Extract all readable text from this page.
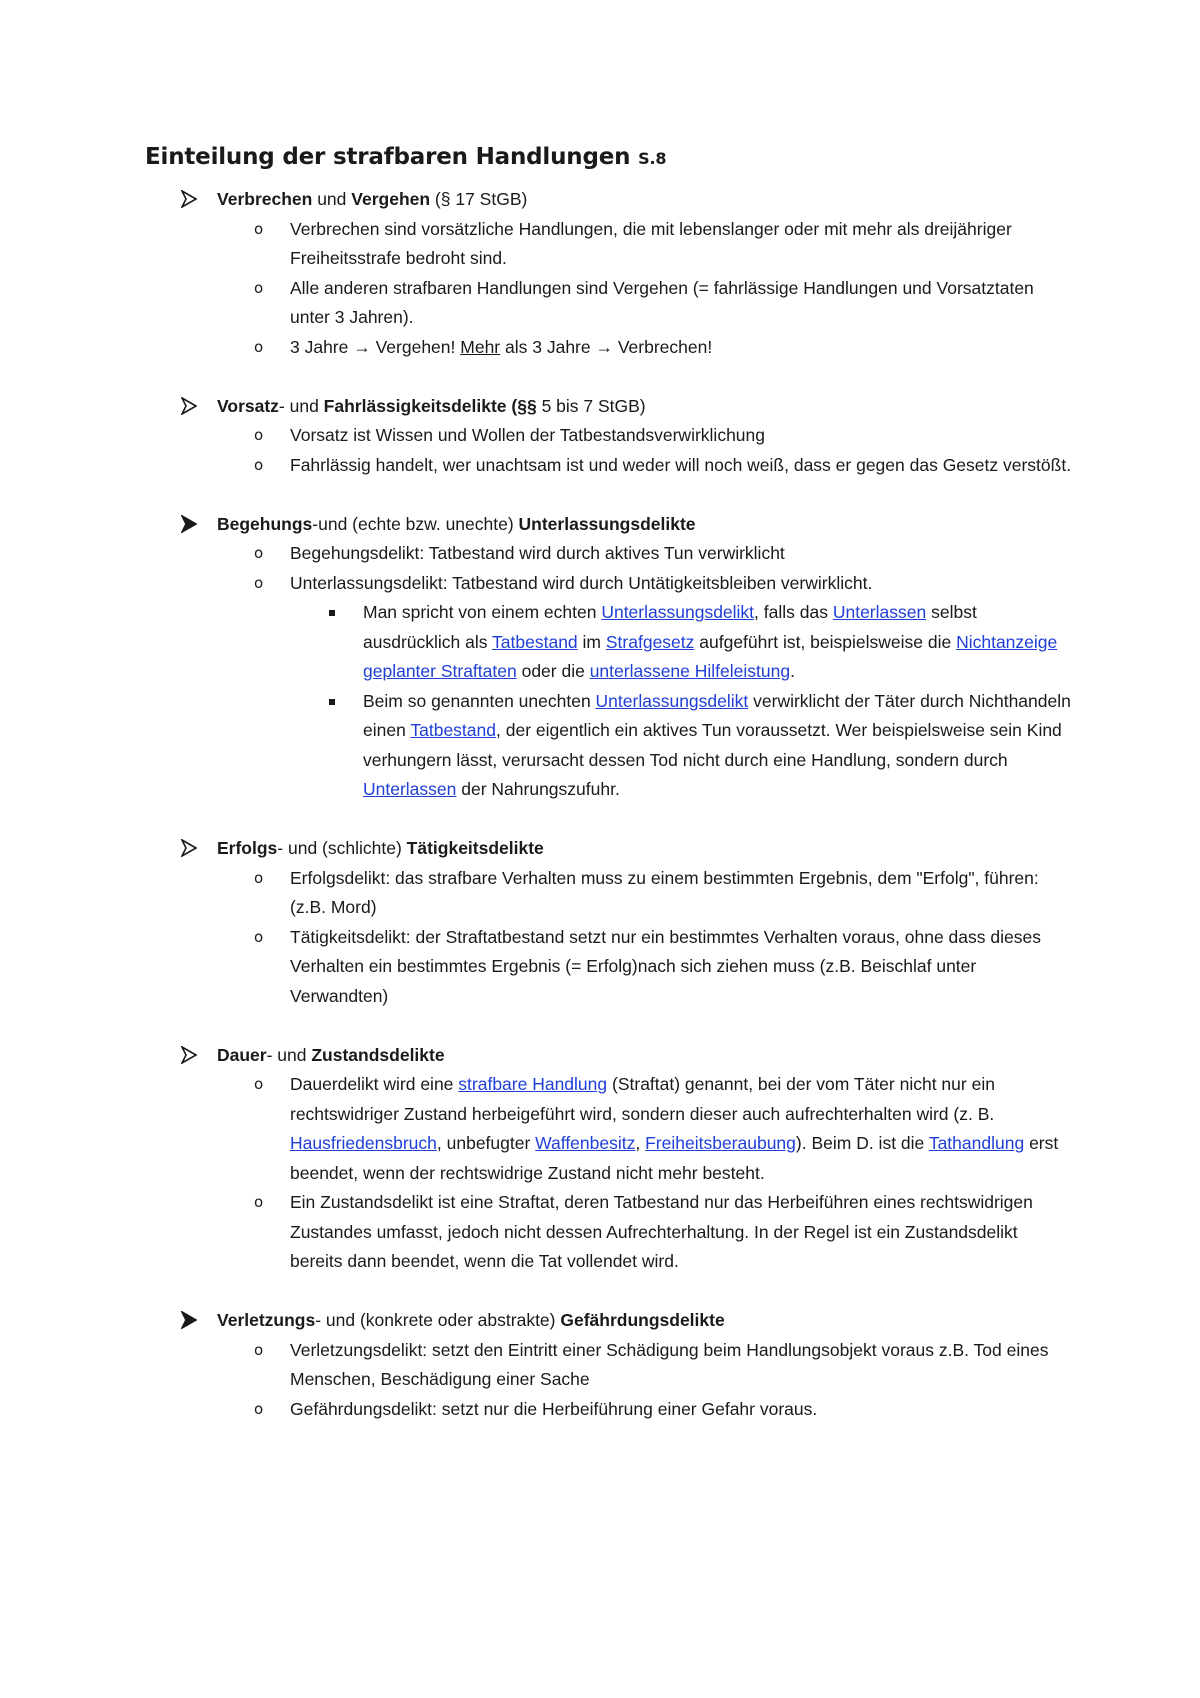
Einteilung der strafbaren Handlungen S.8
Verbrechen und Vergehen (§ 17 StGB)
o Verbrechen sind vorsätzliche Handlungen, die mit lebenslanger oder mit mehr als dreijähriger Freiheitsstrafe bedroht sind.
o Alle anderen strafbaren Handlungen sind Vergehen (= fahrlässige Handlungen und Vorsatztaten unter 3 Jahren).
o 3 Jahre → Vergehen! Mehr als 3 Jahre → Verbrechen!
Vorsatz- und Fahrlässigkeitsdelikte (§§ 5 bis 7 StGB)
o Vorsatz ist Wissen und Wollen der Tatbestandsverwirklichung
o Fahrlässig handelt, wer unachtsam ist und weder will noch weiß, dass er gegen das Gesetz verstößt.
Begehungs-und (echte bzw. unechte) Unterlassungsdelikte
o Begehungsdelikt: Tatbestand wird durch aktives Tun verwirklicht
o Unterlassungsdelikt: Tatbestand wird durch Untätigkeitsbleiben verwirklicht.
Man spricht von einem echten Unterlassungsdelikt, falls das Unterlassen selbst ausdrücklich als Tatbestand im Strafgesetz aufgeführt ist, beispielsweise die Nichtanzeige geplanter Straftaten oder die unterlassene Hilfeleistung.
Beim so genannten unechten Unterlassungsdelikt verwirklicht der Täter durch Nichthandeln einen Tatbestand, der eigentlich ein aktives Tun voraussetzt. Wer beispielsweise sein Kind verhungern lässt, verursacht dessen Tod nicht durch eine Handlung, sondern durch Unterlassen der Nahrungszufuhr.
Erfolgs- und (schlichte) Tätigkeitsdelikte
o Erfolgsdelikt: das strafbare Verhalten muss zu einem bestimmten Ergebnis, dem "Erfolg", führen: (z.B. Mord)
o Tätigkeitsdelikt: der Straftatbestand setzt nur ein bestimmtes Verhalten voraus, ohne dass dieses Verhalten ein bestimmtes Ergebnis (= Erfolg)nach sich ziehen muss (z.B. Beischlaf unter Verwandten)
Dauer- und Zustandsdelikte
o Dauerdelikt wird eine strafbare Handlung (Straftat) genannt, bei der vom Täter nicht nur ein rechtswidriger Zustand herbeigeführt wird, sondern dieser auch aufrechterhalten wird (z. B. Hausfriedensbruch, unbefugter Waffenbesitz, Freiheitsberaubung). Beim D. ist die Tathandlung erst beendet, wenn der rechtswidrige Zustand nicht mehr besteht.
o Ein Zustandsdelikt ist eine Straftat, deren Tatbestand nur das Herbeiführen eines rechtswidrigen Zustandes umfasst, jedoch nicht dessen Aufrechterhaltung. In der Regel ist ein Zustandsdelikt bereits dann beendet, wenn die Tat vollendet wird.
Verletzungs- und (konkrete oder abstrakte) Gefährdungsdelikte
o Verletzungsdelikt: setzt den Eintritt einer Schädigung beim Handlungsobjekt voraus z.B. Tod eines Menschen, Beschädigung einer Sache
o Gefährdungsdelikt: setzt nur die Herbeiführung einer Gefahr voraus.
